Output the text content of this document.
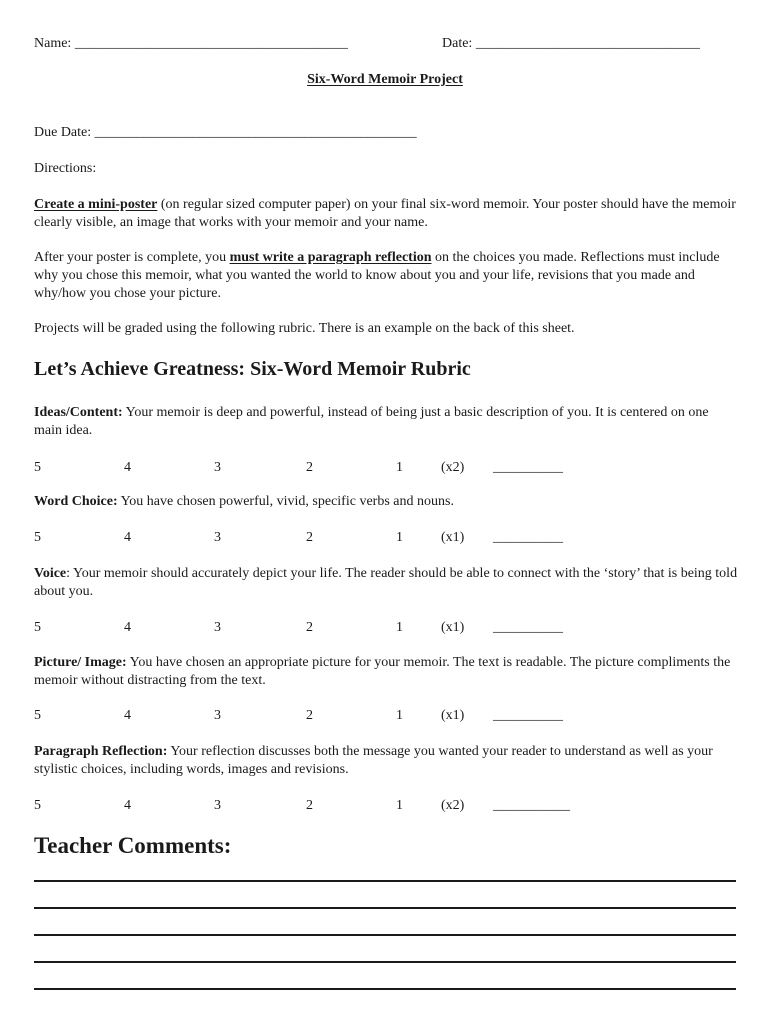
Name: _______________________________________	Date: ________________________________
Six-Word Memoir Project
Due Date: ______________________________________________
Directions:
Create a mini-poster (on regular sized computer paper) on your final six-word memoir. Your poster should have the memoir clearly visible, an image that works with your memoir and your name.
After your poster is complete, you must write a paragraph reflection on the choices you made. Reflections must include why you chose this memoir, what you wanted the world to know about you and your life, revisions that you made and why/how you chose your picture.
Projects will be graded using the following rubric. There is an example on the back of this sheet.
Let’s Achieve Greatness: Six-Word Memoir Rubric
Ideas/Content: Your memoir is deep and powerful, instead of being just a basic description of you. It is centered on one main idea.
5	4	3	2	1	(x2) __________
Word Choice: You have chosen powerful, vivid, specific verbs and nouns.
5	4	3	2	1	(x1) __________
Voice: Your memoir should accurately depict your life. The reader should be able to connect with the ‘story’ that is being told about you.
5	4	3	2	1	(x1) __________
Picture/ Image: You have chosen an appropriate picture for your memoir. The text is readable. The picture compliments the memoir without distracting from the text.
5	4	3	2	1	(x1) __________
Paragraph Reflection: Your reflection discusses both the message you wanted your reader to understand as well as your stylistic choices, including words, images and revisions.
5	4	3	2	1	(x2) ___________
Teacher Comments:
